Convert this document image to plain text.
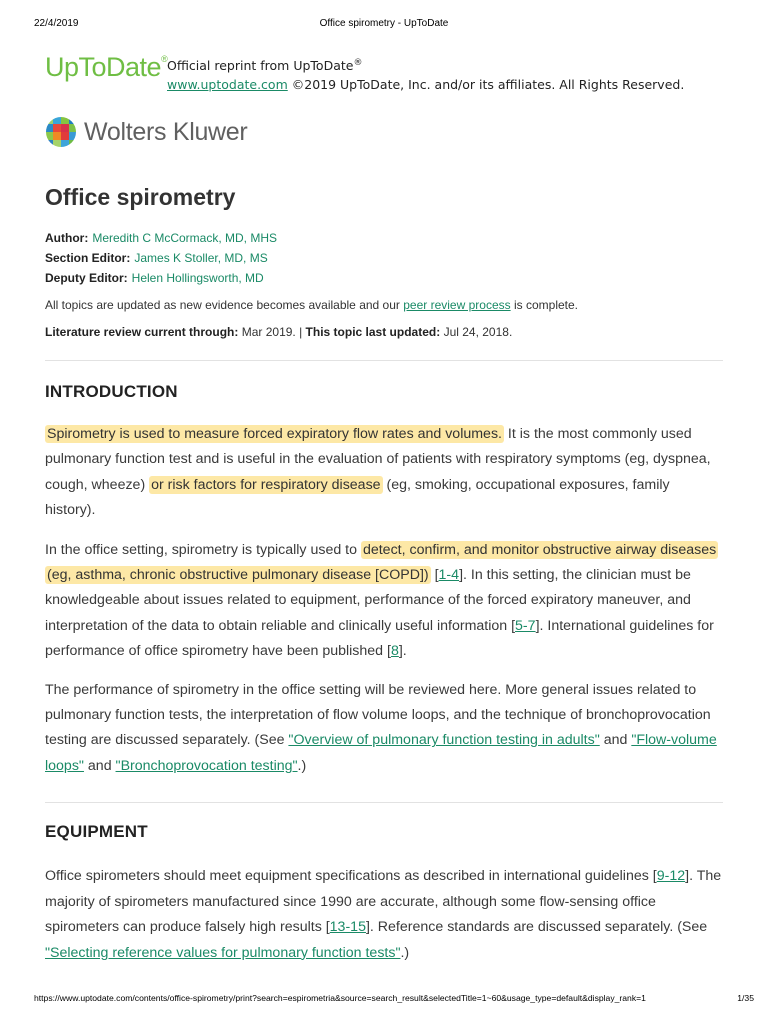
22/4/2019	Office spirometry - UpToDate
UpToDate® Official reprint from UpToDate®
www.uptodate.com ©2019 UpToDate, Inc. and/or its affiliates. All Rights Reserved.
Wolters Kluwer
Office spirometry
Author: Meredith C McCormack, MD, MHS
Section Editor: James K Stoller, MD, MS
Deputy Editor: Helen Hollingsworth, MD
All topics are updated as new evidence becomes available and our peer review process is complete.
Literature review current through: Mar 2019. | This topic last updated: Jul 24, 2018.
INTRODUCTION

Spirometry is used to measure forced expiratory flow rates and volumes. It is the most commonly used pulmonary function test and is useful in the evaluation of patients with respiratory symptoms (eg, dyspnea, cough, wheeze) or risk factors for respiratory disease (eg, smoking, occupational exposures, family history).

In the office setting, spirometry is typically used to detect, confirm, and monitor obstructive airway diseases (eg, asthma, chronic obstructive pulmonary disease [COPD]) [1-4]. In this setting, the clinician must be knowledgeable about issues related to equipment, performance of the forced expiratory maneuver, and interpretation of the data to obtain reliable and clinically useful information [5-7]. International guidelines for performance of office spirometry have been published [8].

The performance of spirometry in the office setting will be reviewed here. More general issues related to pulmonary function tests, the interpretation of flow volume loops, and the technique of bronchoprovocation testing are discussed separately. (See "Overview of pulmonary function testing in adults" and "Flow-volume loops" and "Bronchoprovocation testing".)

EQUIPMENT

Office spirometers should meet equipment specifications as described in international guidelines [9-12]. The majority of spirometers manufactured since 1990 are accurate, although some flow-sensing office spirometers can produce falsely high results [13-15]. Reference standards are discussed separately. (See "Selecting reference values for pulmonary function tests".)

https://www.uptodate.com/contents/office-spirometry/print?search=espirometria&source=search_result&selectedTitle=1~60&usage_type=default&display_rank=1	1/35
